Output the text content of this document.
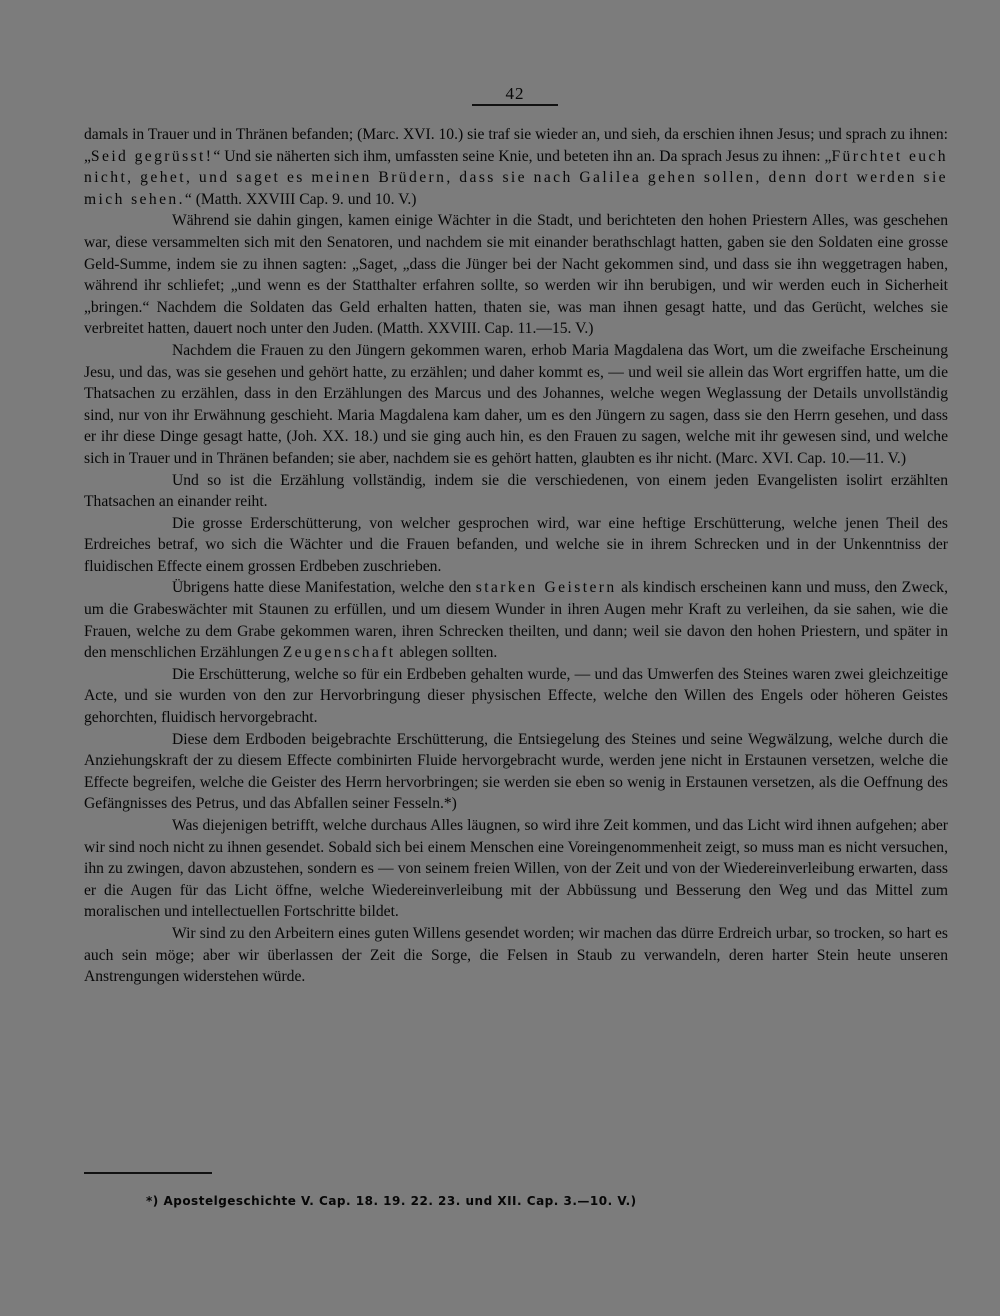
42

damals in Trauer und in Thränen befanden; (Marc. XVI. 10.) sie traf sie wieder an, und sieh, da erschien ihnen Jesus; und sprach zu ihnen: „Seid gegrüsst!“ Und sie näherten sich ihm, umfassten seine Knie, und beteten ihn an. Da sprach Jesus zu ihnen: „Fürchtet euch nicht, gehet, und saget es meinen Brüdern, dass sie nach Galilea gehen sollen, denn dort werden sie mich sehen.“ (Matth. XXVIII Cap. 9. und 10. V.)

Während sie dahin gingen, kamen einige Wächter in die Stadt, und berichteten den hohen Priestern Alles, was geschehen war, diese versammelten sich mit den Senatoren, und nachdem sie mit einander berathschlagt hatten, gaben sie den Soldaten eine grosse Geld-Summe, indem sie zu ihnen sagten: „Saget, „dass die Jünger bei der Nacht gekommen sind, und dass sie ihn weggetragen haben, während ihr schliefet; „und wenn es der Statthalter erfahren sollte, so werden wir ihn berubigen, und wir werden euch in Sicherheit „bringen.“ Nachdem die Soldaten das Geld erhalten hatten, thaten sie, was man ihnen gesagt hatte, und das Gerücht, welches sie verbreitet hatten, dauert noch unter den Juden. (Matth. XXVIII. Cap. 11.—15. V.)

Nachdem die Frauen zu den Jüngern gekommen waren, erhob Maria Magdalena das Wort, um die zweifache Erscheinung Jesu, und das, was sie gesehen und gehört hatte, zu erzählen; und daher kommt es, — und weil sie allein das Wort ergriffen hatte, um die Thatsachen zu erzählen, dass in den Erzählungen des Marcus und des Johannes, welche wegen Weglassung der Details unvollständig sind, nur von ihr Erwähnung geschieht. Maria Magdalena kam daher, um es den Jüngern zu sagen, dass sie den Herrn gesehen, und dass er ihr diese Dinge gesagt hatte, (Joh. XX. 18.) und sie ging auch hin, es den Frauen zu sagen, welche mit ihr gewesen sind, und welche sich in Trauer und in Thränen befanden; sie aber, nachdem sie es gehört hatten, glaubten es ihr nicht. (Marc. XVI. Cap. 10.—11. V.)

Und so ist die Erzählung vollständig, indem sie die verschiedenen, von einem jeden Evangelisten isolirt erzählten Thatsachen an einander reiht.

Die grosse Erderschütterung, von welcher gesprochen wird, war eine heftige Erschütterung, welche jenen Theil des Erdreiches betraf, wo sich die Wächter und die Frauen befanden, und welche sie in ihrem Schrecken und in der Unkenntniss der fluidischen Effecte einem grossen Erdbeben zuschrieben.

Übrigens hatte diese Manifestation, welche den starken Geistern als kindisch erscheinen kann und muss, den Zweck, um die Grabeswächter mit Staunen zu erfüllen, und um diesem Wunder in ihren Augen mehr Kraft zu verleihen, da sie sahen, wie die Frauen, welche zu dem Grabe gekommen waren, ihren Schrecken theilten, und dann; weil sie davon den hohen Priestern, und später in den menschlichen Erzählungen Zeugenschaft ablegen sollten.

Die Erschütterung, welche so für ein Erdbeben gehalten wurde, — und das Umwerfen des Steines waren zwei gleichzeitige Acte, und sie wurden von den zur Hervorbringung dieser physischen Effecte, welche den Willen des Engels oder höheren Geistes gehorchten, fluidisch hervorgebracht.

Diese dem Erdboden beigebrachte Erschütterung, die Entsiegelung des Steines und seine Wegwälzung, welche durch die Anziehungskraft der zu diesem Effecte combinirten Fluide hervorgebracht wurde, werden jene nicht in Erstaunen versetzen, welche die Effecte begreifen, welche die Geister des Herrn hervorbringen; sie werden sie eben so wenig in Erstaunen versetzen, als die Oeffnung des Gefängnisses des Petrus, und das Abfallen seiner Fesseln.*)

Was diejenigen betrifft, welche durchaus Alles läugnen, so wird ihre Zeit kommen, und das Licht wird ihnen aufgehen; aber wir sind noch nicht zu ihnen gesendet. Sobald sich bei einem Menschen eine Voreingenommenheit zeigt, so muss man es nicht versuchen, ihn zu zwingen, davon abzustehen, sondern es — von seinem freien Willen, von der Zeit und von der Wiedereinverleibung erwarten, dass er die Augen für das Licht öffne, welche Wiedereinverleibung mit der Abbüssung und Besserung den Weg und das Mittel zum moralischen und intellectuellen Fortschritte bildet.

Wir sind zu den Arbeitern eines guten Willens gesendet worden; wir machen das dürre Erdreich urbar, so trocken, so hart es auch sein möge; aber wir überlassen der Zeit die Sorge, die Felsen in Staub zu verwandeln, deren harter Stein heute unseren Anstrengungen widerstehen würde.

*) Apostelgeschichte V. Cap. 18. 19. 22. 23. und XII. Cap. 3.—10. V.)
